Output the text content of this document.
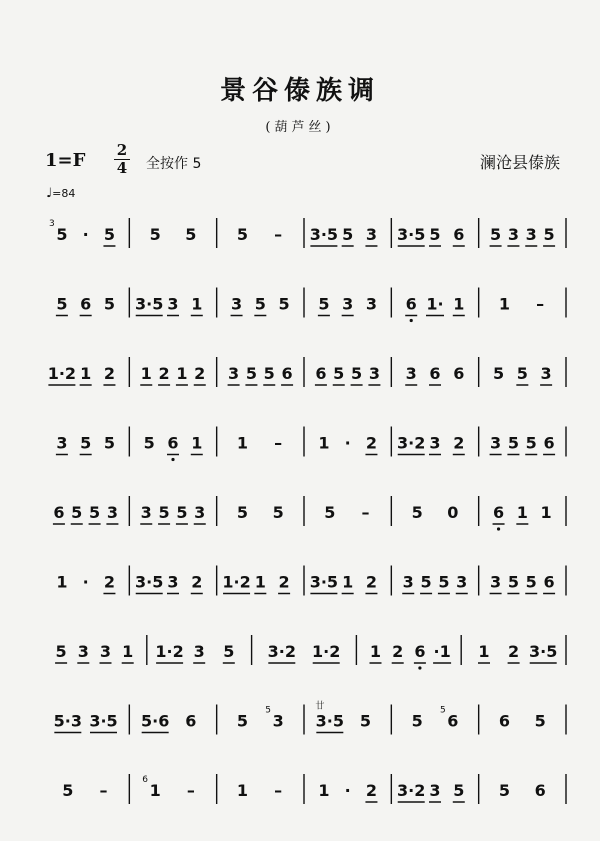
景谷傣族调
(葫芦丝)
1=F 2
4 全按作 5	澜沧县傣族
♩=84
5
3
· 5 5 5	5 – 3·5 5 3 3·5 5 6 5 3 3 5
5 6 5 3·5 3 1 3 5 5 5 3 3 6 1· 1 1 –
1·2 1 2 1 2 1 2 3 5 5 6 6 5 5 3 3 6 6 5 5 3
3 5 5 5 6 1 1 – 1 · 2 3·2 3 2 3 5 5 6
6 5 5 3 3 5 5 3 5 5	5 –	5 0 6 1 1
1 · 2 3·5 3 2 1·2 1 2 3·5 1 2 3 5 5 3 3 5 5 6
5 3 3 1 1·2 3 5 3·2 1·2 1 2 6 ·1 1 2 3·5
5·3 3·5 5·6 6	5 3
5
3·5
廿
5	5 6
5
6 5
5 –	1
6
–	1 – 1 · 2 3·2 3 5 5 6
